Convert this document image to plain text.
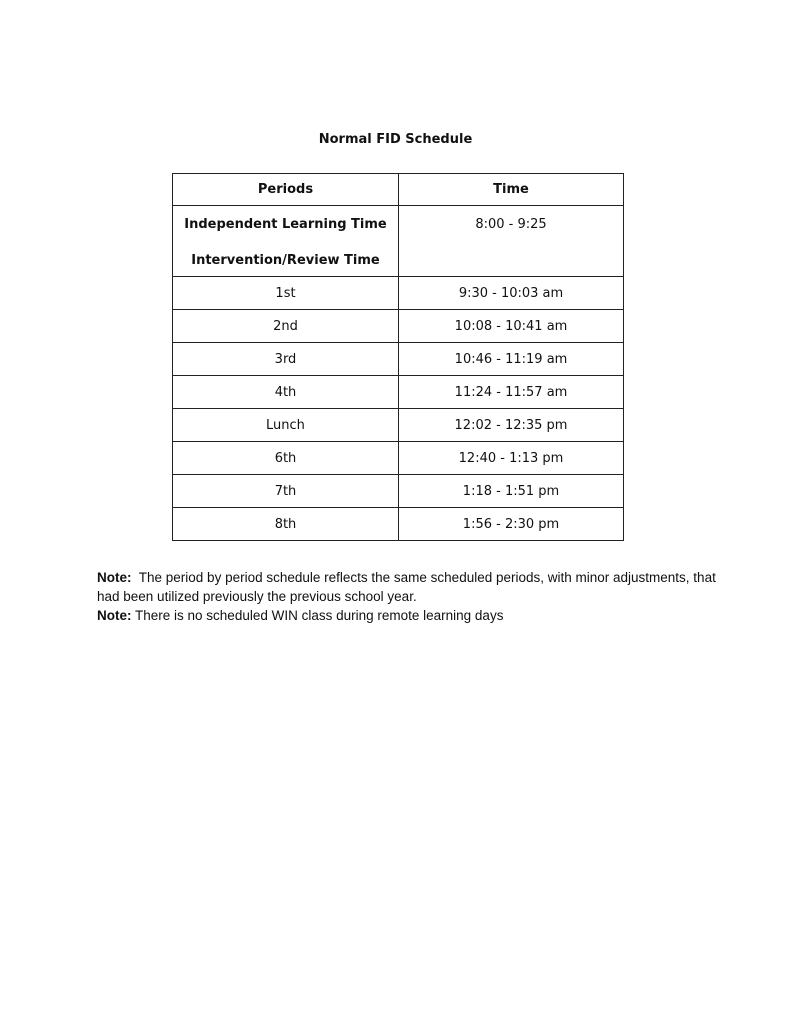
Normal FID Schedule
Periods	Time

Independent Learning Time
Intervention/Review Time	8:00 - 9:25

1st	9:30 - 10:03 am
2nd	10:08 - 10:41 am
3rd	10:46 - 11:19 am
4th	11:24 - 11:57 am
Lunch	12:02 - 12:35 pm
6th	12:40 - 1:13 pm
7th	1:18 - 1:51 pm
8th	1:56 - 2:30 pm
Note: The period by period schedule reflects the same scheduled periods, with minor adjustments, that had been utilized previously the previous school year.
Note: There is no scheduled WIN class during remote learning days
